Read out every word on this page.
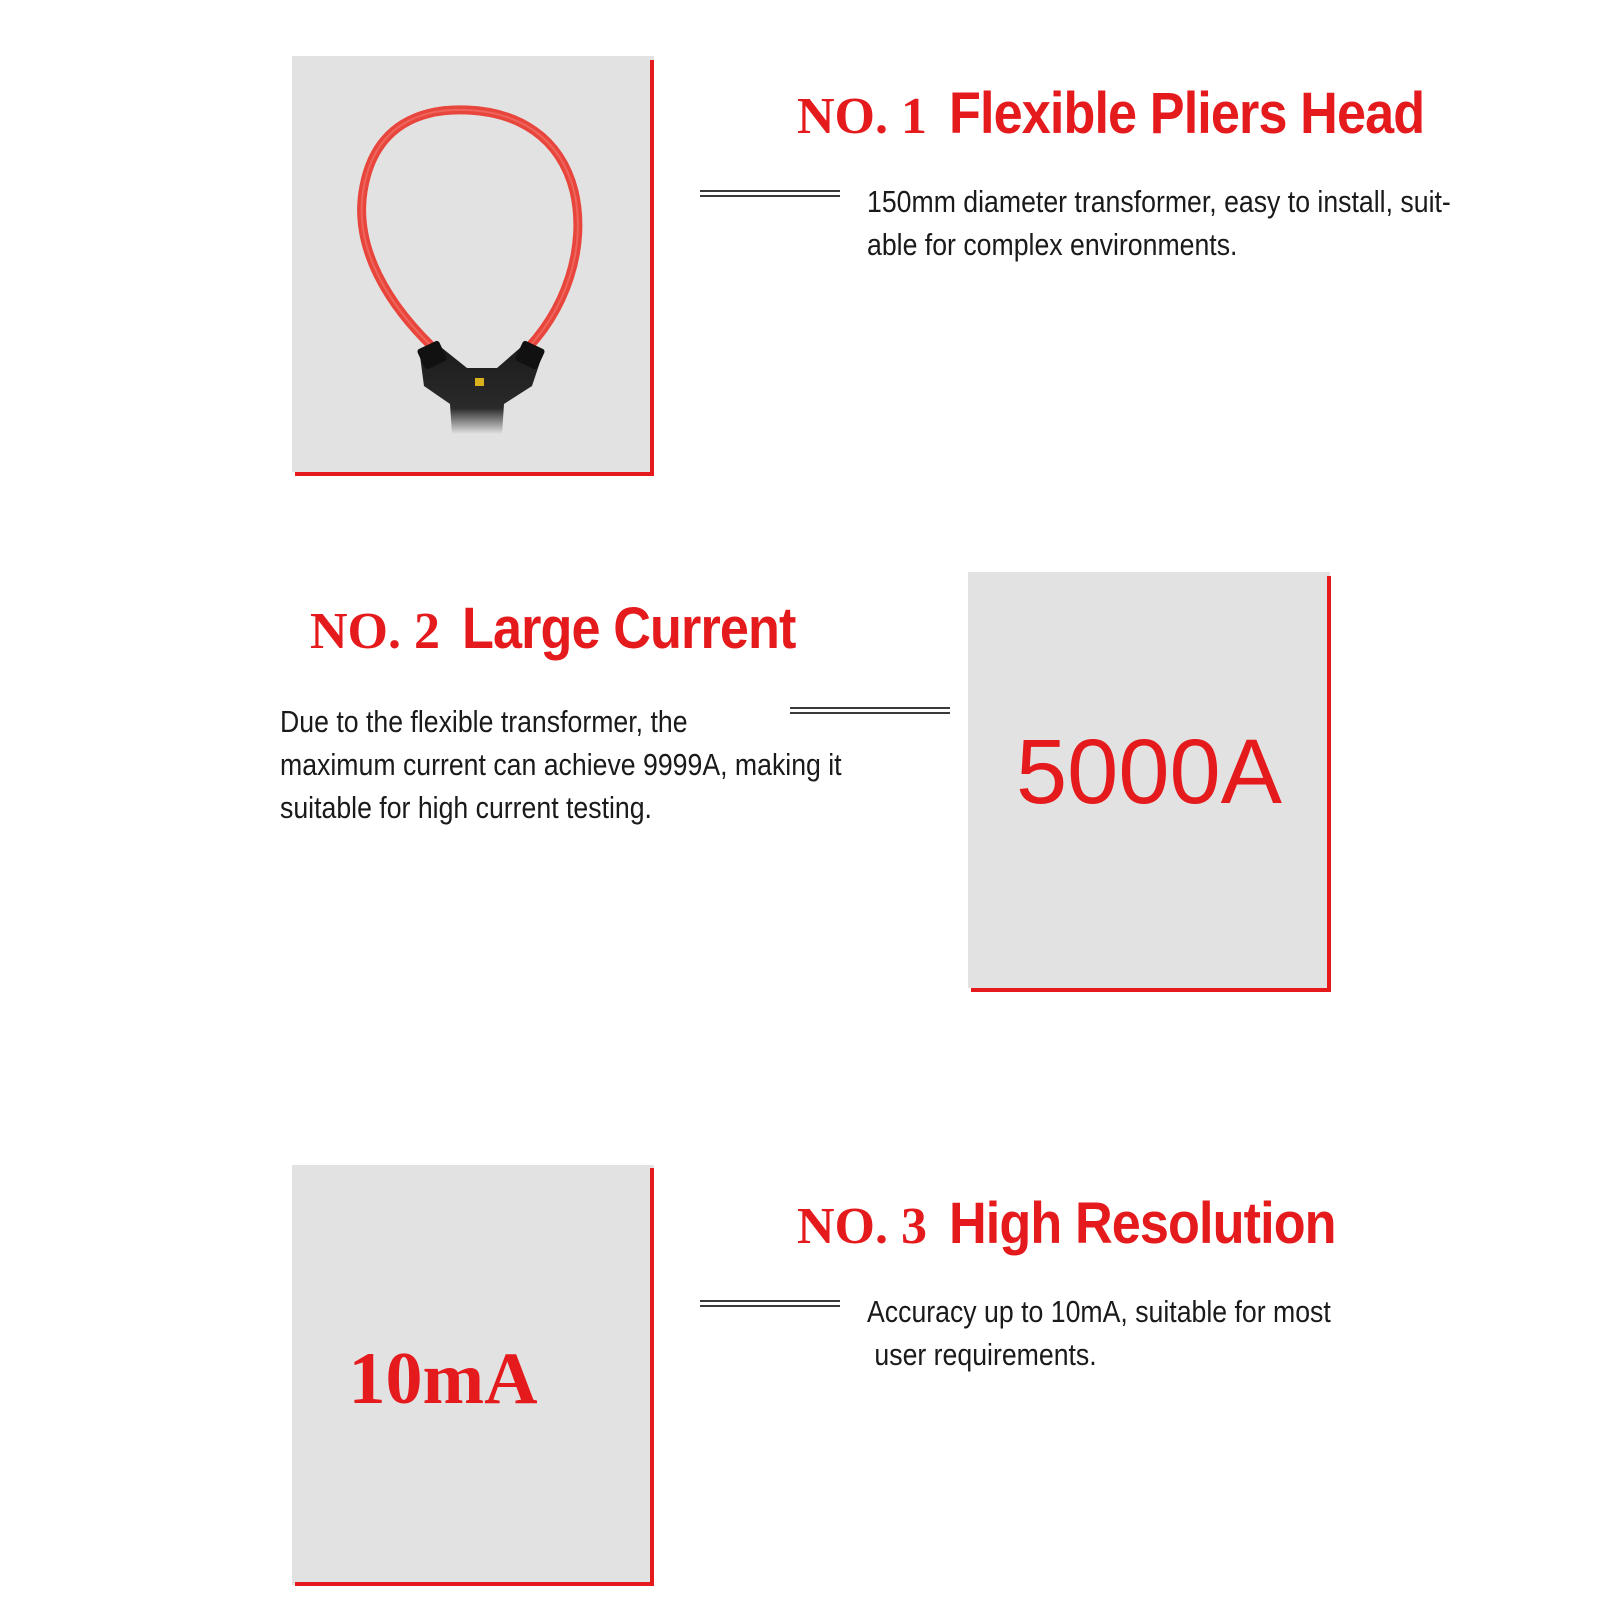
NO. 1 Flexible Pliers Head
150mm diameter transformer, easy to install, suit-
able for complex environments.
NO. 2 Large Current
Due to the flexible transformer, the
maximum current can achieve 9999A, making it
suitable for high current testing.	5000A
10mA
NO. 3 High Resolution
Accuracy up to 10mA, suitable for most
user requirements.
